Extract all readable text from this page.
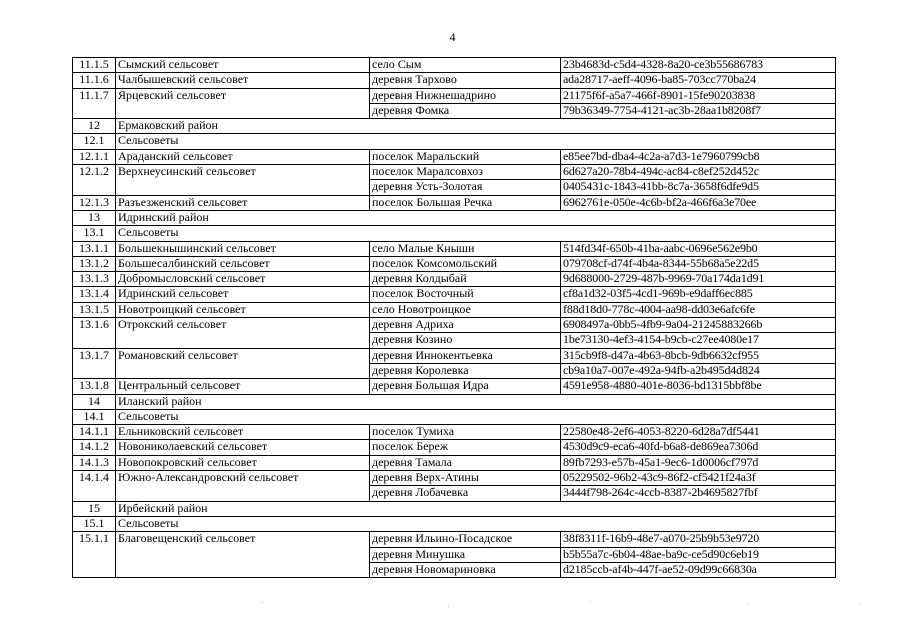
4
11.1.5	Сымский сельсовет	село Сым	23b4683d-c5d4-4328-8a20-ce3b55686783
11.1.6	Чалбышевский сельсовет	деревня Тархово	ada28717-aeff-4096-ba85-703cc770ba24
11.1.7	Ярцевский сельсовет	деревня Нижнешадрино	21175f6f-a5a7-466f-8901-15fe90203838
		деревня Фомка	79b36349-7754-4121-ac3b-28aa1b8208f7
12	Ермаковский район		
12.1	Сельсоветы		
12.1.1	Араданский сельсовет	поселок Маральский	e85ee7bd-dba4-4c2a-a7d3-1e7960799cb8
12.1.2	Верхнеусинский сельсовет	поселок Маралсовхоз	6d627a20-78b4-494c-ac84-c8ef252d452c
		деревня Усть-Золотая	0405431c-1843-41bb-8c7a-3658f6dfe9d5
12.1.3	Разъезженский сельсовет	поселок Большая Речка	6962761e-050e-4c6b-bf2a-466f6a3e70ee
13	Идринский район		
13.1	Сельсоветы		
13.1.1	Большекнышинский сельсовет	село Малые Кныши	514fd34f-650b-41ba-aabc-0696e562e9b0
13.1.2	Большесалбинский сельсовет	поселок Комсомольский	079708cf-d74f-4b4a-8344-55b68a5e22d5
13.1.3	Добромысловский сельсовет	деревня Колдыбай	9d688000-2729-487b-9969-70a174da1d91
13.1.4	Идринский сельсовет	поселок Восточный	cf8a1d32-03f5-4cd1-969b-e9daff6ec885
13.1.5	Новотроицкий сельсовет	село Новотроицкое	f88d18d0-778c-4004-aa98-dd03e6afc6fe
13.1.6	Отрокский сельсовет	деревня Адриха	6908497a-0bb5-4fb9-9a04-21245883266b
		деревня Козино	1be73130-4ef3-4154-b9cb-c27ee4080e17
13.1.7	Романовский сельсовет	деревня Иннокентьевка	315cb9f8-d47a-4b63-8bcb-9db6632cf955
		деревня Королевка	cb9a10a7-007e-492a-94fb-a2b495d4d824
13.1.8	Центральный сельсовет	деревня Большая Идра	4591e958-4880-401e-8036-bd1315bbf8be
14	Иланский район		
14.1	Сельсоветы		
14.1.1	Ельниковский сельсовет	поселок Тумиха	22580e48-2ef6-4053-8220-6d28a7df5441
14.1.2	Новониколаевский сельсовет	поселок Береж	4530d9c9-eca6-40fd-b6a8-de869ea7306d
14.1.3	Новопокровский сельсовет	деревня Тамала	89fb7293-e57b-45a1-9ec6-1d0006cf797d
14.1.4	Южно-Александровский сельсовет	деревня Верх-Атины	05229502-96b2-43c9-86f2-cf5421f24a3f
		деревня Лобачевка	3444f798-264c-4ccb-8387-2b4695827fbf
15	Ирбейский район		
15.1	Сельсоветы		
15.1.1	Благовещенский сельсовет	деревня Ильино-Посадское	38f8311f-16b9-48e7-a070-25b9b53e9720
		деревня Минушка	b5b55a7c-6b04-48ae-ba9c-ce5d90c6eb19
		деревня Новомариновка	d2185ccb-af4b-447f-ae52-09d99c66830a
